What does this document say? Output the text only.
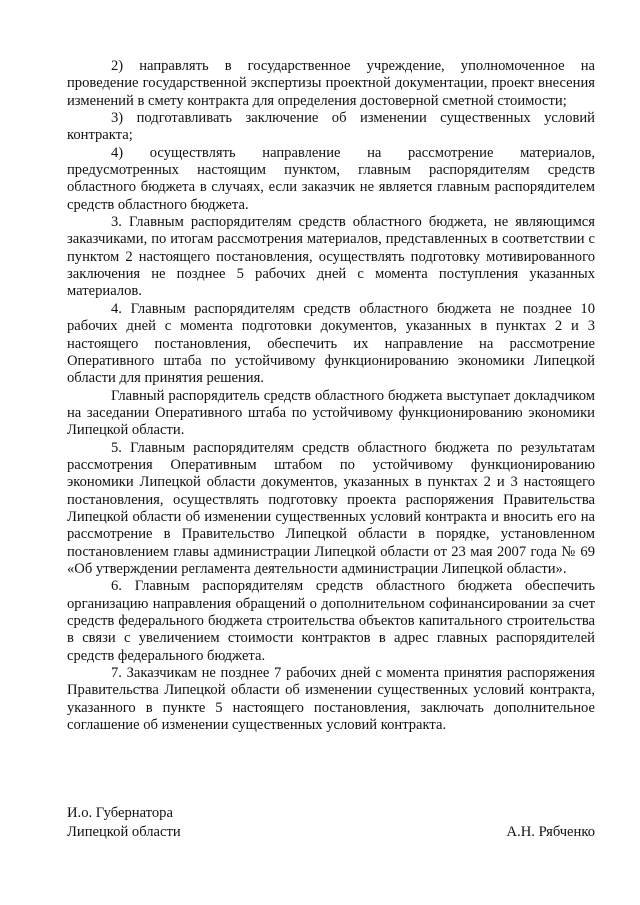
2) направлять в государственное учреждение, уполномоченное на проведение государственной экспертизы проектной документации, проект внесения изменений в смету контракта для определения достоверной сметной стоимости;

3) подготавливать заключение об изменении существенных условий контракта;

4) осуществлять направление на рассмотрение материалов, предусмотренных настоящим пунктом, главным распорядителям средств областного бюджета в случаях, если заказчик не является главным распорядителем средств областного бюджета.

3. Главным распорядителям средств областного бюджета, не являющимся заказчиками, по итогам рассмотрения материалов, представленных в соответствии с пунктом 2 настоящего постановления, осуществлять подготовку мотивированного заключения не позднее 5 рабочих дней с момента поступления указанных материалов.

4. Главным распорядителям средств областного бюджета не позднее 10 рабочих дней с момента подготовки документов, указанных в пунктах 2 и 3 настоящего постановления, обеспечить их направление на рассмотрение Оперативного штаба по устойчивому функционированию экономики Липецкой области для принятия решения.

Главный распорядитель средств областного бюджета выступает докладчиком на заседании Оперативного штаба по устойчивому функционированию экономики Липецкой области.

5. Главным распорядителям средств областного бюджета по результатам рассмотрения Оперативным штабом по устойчивому функционированию экономики Липецкой области документов, указанных в пунктах 2 и 3 настоящего постановления, осуществлять подготовку проекта распоряжения Правительства Липецкой области об изменении существенных условий контракта и вносить его на рассмотрение в Правительство Липецкой области в порядке, установленном постановлением главы администрации Липецкой области от 23 мая 2007 года № 69 «Об утверждении регламента деятельности администрации Липецкой области».

6. Главным распорядителям средств областного бюджета обеспечить организацию направления обращений о дополнительном софинансировании за счет средств федерального бюджета строительства объектов капитального строительства в связи с увеличением стоимости контрактов в адрес главных распорядителей средств федерального бюджета.

7. Заказчикам не позднее 7 рабочих дней с момента принятия распоряжения Правительства Липецкой области об изменении существенных условий контракта, указанного в пункте 5 настоящего постановления, заключать дополнительное соглашение об изменении существенных условий контракта.

И.о. Губернатора
Липецкой области	А.Н. Рябченко
